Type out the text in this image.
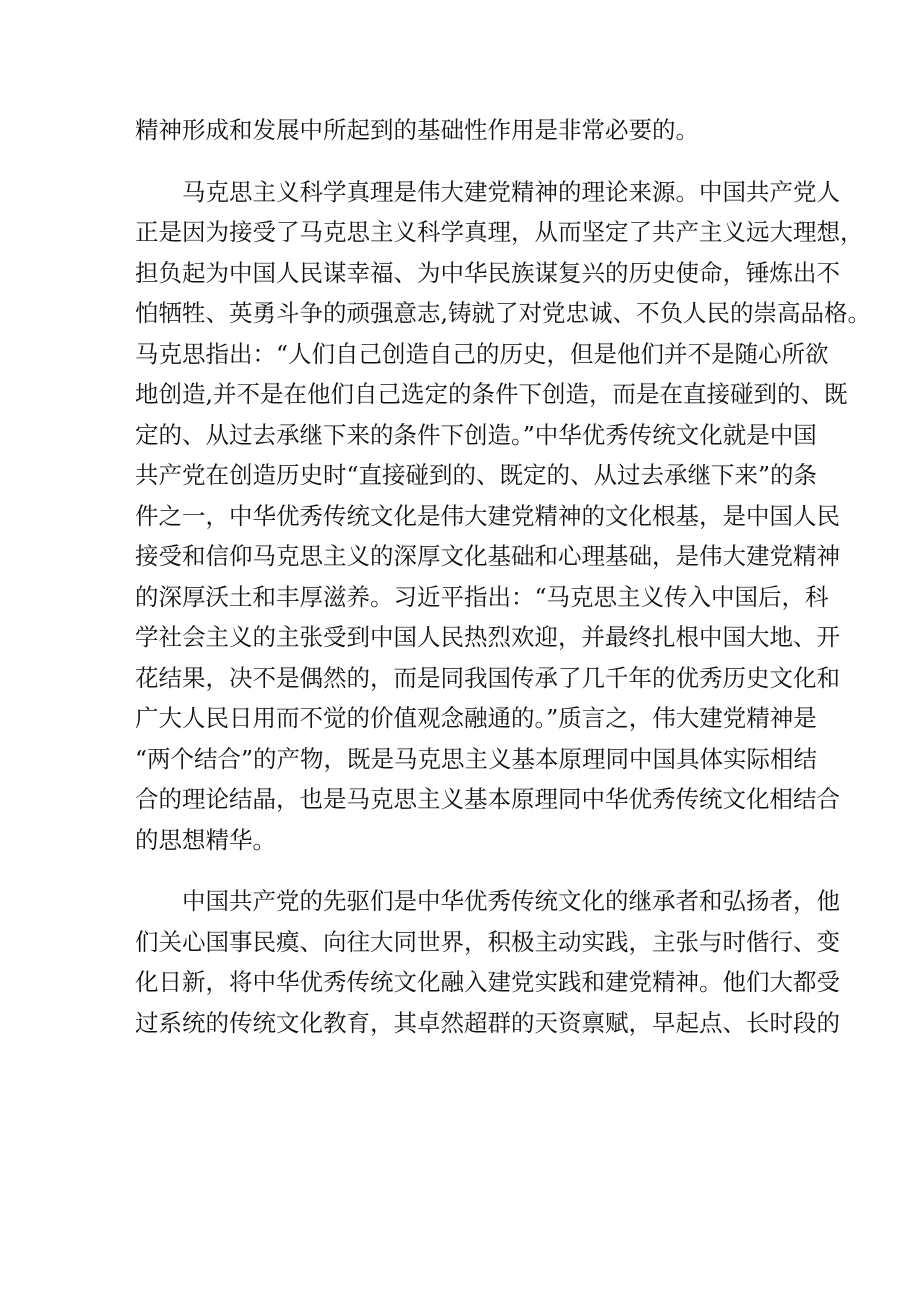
精神形成和发展中所起到的基础性作用是非常必要的。
马克思主义科学真理是伟大建党精神的理论来源。中国共产党人
正是因为接受了马克思主义科学真理，从而坚定了共产主义远大理想，
担负起为中国人民谋幸福、为中华民族谋复兴的历史使命，锤炼出不
怕牺牲、英勇斗争的顽强意志,铸就了对党忠诚、不负人民的崇高品格。
马克思指出：“人们自己创造自己的历史，但是他们并不是随心所欲
地创造,并不是在他们自己选定的条件下创造，而是在直接碰到的、既
定的、从过去承继下来的条件下创造。”中华优秀传统文化就是中国
共产党在创造历史时“直接碰到的、既定的、从过去承继下来”的条
件之一，中华优秀传统文化是伟大建党精神的文化根基，是中国人民
接受和信仰马克思主义的深厚文化基础和心理基础，是伟大建党精神
的深厚沃土和丰厚滋养。习近平指出：“马克思主义传入中国后，科
学社会主义的主张受到中国人民热烈欢迎，并最终扎根中国大地、开
花结果，决不是偶然的，而是同我国传承了几千年的优秀历史文化和
广大人民日用而不觉的价值观念融通的。”质言之，伟大建党精神是
“两个结合”的产物，既是马克思主义基本原理同中国具体实际相结
合的理论结晶，也是马克思主义基本原理同中华优秀传统文化相结合
的思想精华。
中国共产党的先驱们是中华优秀传统文化的继承者和弘扬者，他
们关心国事民瘼、向往大同世界，积极主动实践，主张与时偕行、变
化日新，将中华优秀传统文化融入建党实践和建党精神。他们大都受
过系统的传统文化教育，其卓然超群的天资禀赋，早起点、长时段的
